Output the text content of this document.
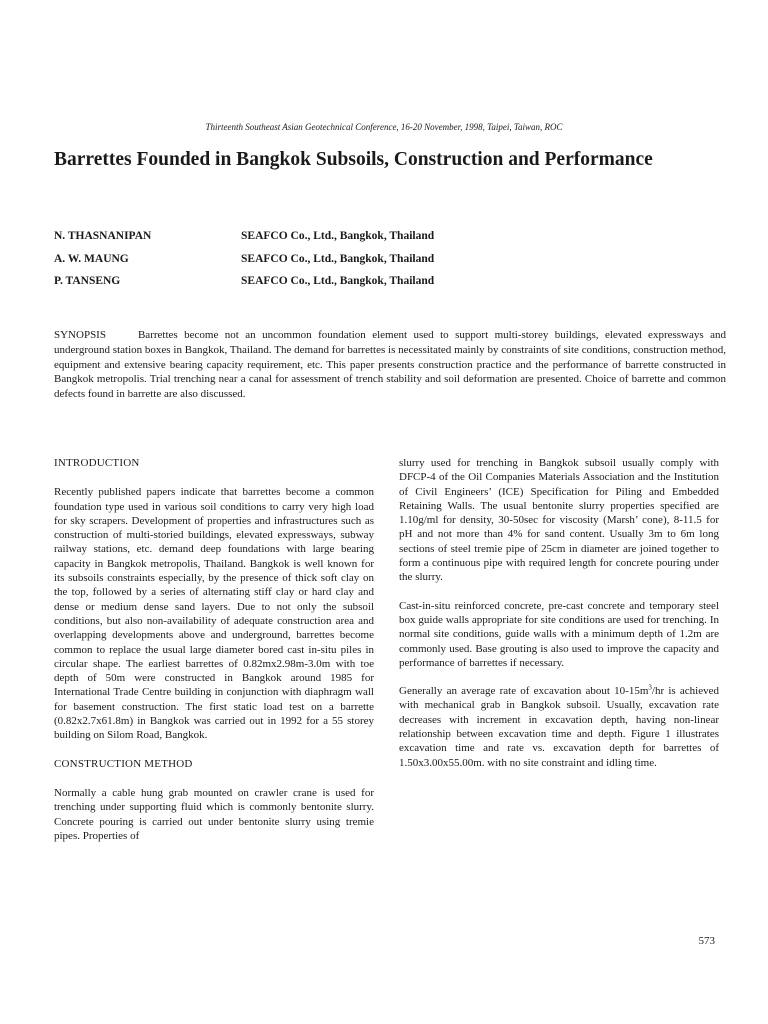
Thirteenth Southeast Asian Geotechnical Conference, 16-20 November, 1998, Taipei, Taiwan, ROC
Barrettes Founded in Bangkok Subsoils, Construction and Performance
N. THASNANIPAN	SEAFCO Co., Ltd., Bangkok, Thailand
A. W. MAUNG	SEAFCO Co., Ltd., Bangkok, Thailand
P. TANSENG	SEAFCO Co., Ltd., Bangkok, Thailand

SYNOPSIS	Barrettes become not an uncommon foundation element used to support multi-storey buildings, elevated expressways and underground station boxes in Bangkok, Thailand. The demand for barrettes is necessitated mainly by constraints of site conditions, construction method, equipment and extensive bearing capacity requirement, etc. This paper presents construction practice and the performance of barrette constructed in Bangkok metropolis. Trial trenching near a canal for assessment of trench stability and soil deformation are presented. Choice of barrette and common defects found in barrette are also discussed.

INTRODUCTION

Recently published papers indicate that barrettes become a common foundation type used in various soil conditions to carry very high load for sky scrapers. Development of properties and infrastructures such as construction of multi-storied buildings, elevated expressways, subway railway stations, etc. demand deep foundations with large bearing capacity in Bangkok metropolis, Thailand. Bangkok is well known for its subsoils constraints especially, by the presence of thick soft clay on the top, followed by a series of alternating stiff clay or hard clay and dense or medium dense sand layers. Due to not only the subsoil conditions, but also non-availability of adequate construction area and overlapping developments above and underground, barrettes become common to replace the usual large diameter bored cast in-situ piles in circular shape. The earliest barrettes of 0.82mx2.98m-3.0m with toe depth of 50m were constructed in Bangkok around 1985 for International Trade Centre building in conjunction with diaphragm wall for basement construction. The first static load test on a barrette (0.82x2.7x61.8m) in Bangkok was carried out in 1992 for a 55 storey building on Silom Road, Bangkok.

CONSTRUCTION METHOD

Normally a cable hung grab mounted on crawler crane is used for trenching under supporting fluid which is commonly bentonite slurry. Concrete pouring is carried out under bentonite slurry using tremie pipes. Properties of

slurry used for trenching in Bangkok subsoil usually comply with DFCP-4 of the Oil Companies Materials Association and the Institution of Civil Engineers’ (ICE) Specification for Piling and Embedded Retaining Walls. The usual bentonite slurry properties specified are 1.10g/ml for density, 30-50sec for viscosity (Marsh’ cone), 8-11.5 for pH and not more than 4% for sand content. Usually 3m to 6m long sections of steel tremie pipe of 25cm in diameter are joined together to form a continuous pipe with required length for concrete pouring under the slurry.

Cast-in-situ reinforced concrete, pre-cast concrete and temporary steel box guide walls appropriate for site conditions are used for trenching. In normal site conditions, guide walls with a minimum depth of 1.2m are commonly used. Base grouting is also used to improve the capacity and performance of barrettes if necessary.

Generally an average rate of excavation about $10-15m^3/hr$ is achieved with mechanical grab in Bangkok subsoil. Usually, excavation rate decreases with increment in excavation depth, having non-linear relationship between excavation time and depth. Figure 1 illustrates excavation time and rate vs. excavation depth for barrettes of 1.50x3.00x55.00m. with no site constraint and idling time.

573
